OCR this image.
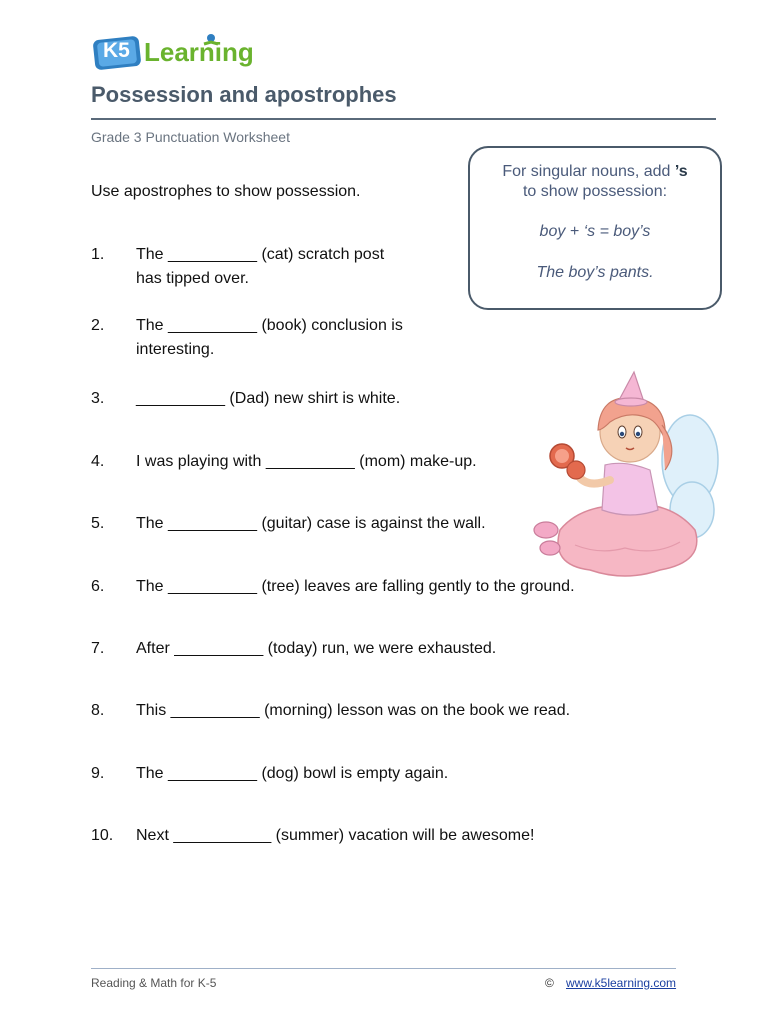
K5 Learning
Possession and apostrophes
Grade 3 Punctuation Worksheet
Use apostrophes to show possession.
For singular nouns, add ’s
to show possession:
boy + ‘s = boy’s
The boy’s pants.
1.	The __________ (cat) scratch post
has tipped over.
2.	The __________ (book) conclusion is
interesting.
3.	__________ (Dad) new shirt is white.
4.	I was playing with __________ (mom) make-up.
5.	The __________ (guitar) case is against the wall.
6.	The __________ (tree) leaves are falling gently to the ground.
7.	After __________ (today) run, we were exhausted.
8.	This __________ (morning) lesson was on the book we read.
9.	The __________ (dog) bowl is empty again.
10.	Next ___________ (summer) vacation will be awesome!
Reading & Math for K-5	© www.k5learning.com
